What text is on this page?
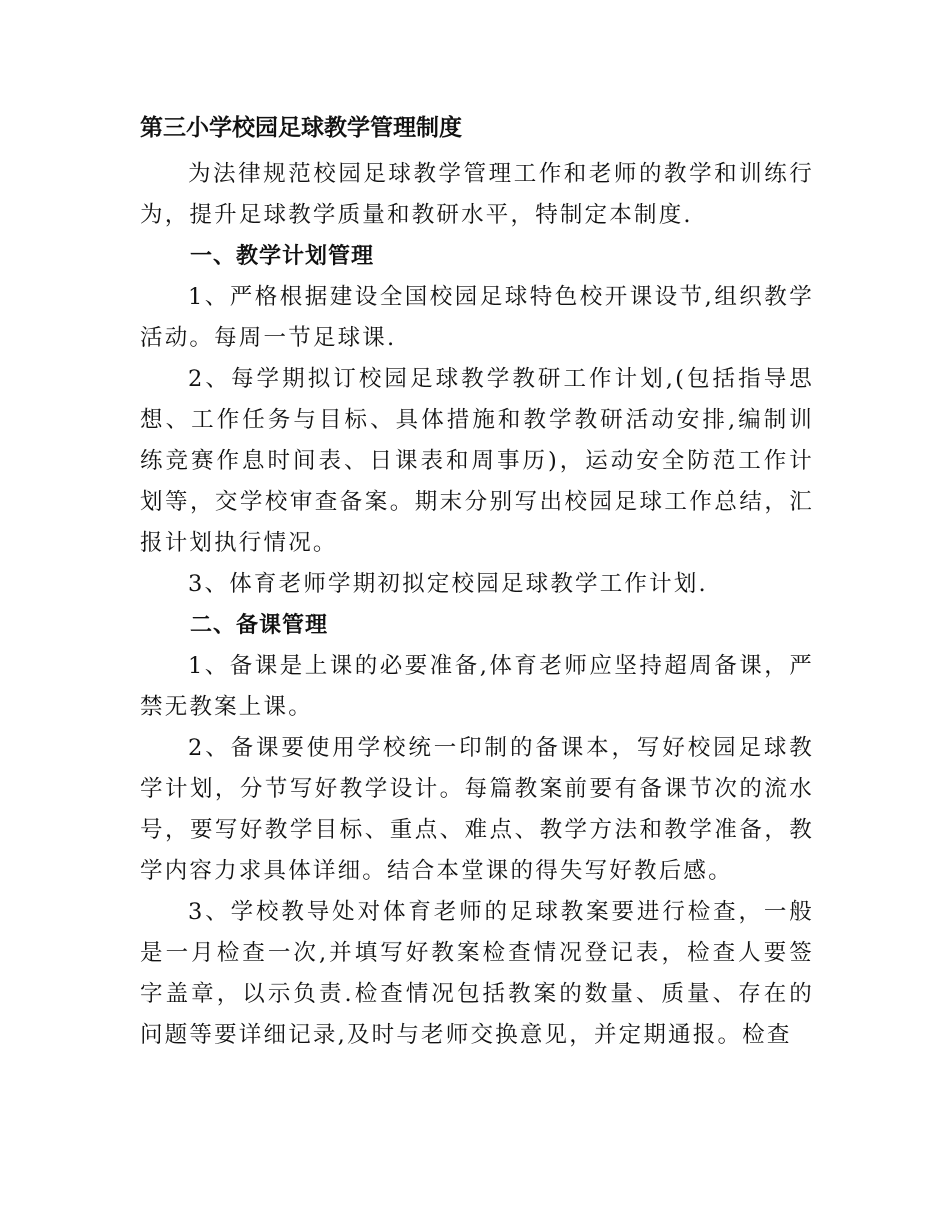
第三小学校园足球教学管理制度

为法律规范校园足球教学管理工作和老师的教学和训练行为，提升足球教学质量和教研水平，特制定本制度.

一、教学计划管理

1、严格根据建设全国校园足球特色校开课设节,组织教学活动。每周一节足球课.

2、每学期拟订校园足球教学教研工作计划,(包括指导思想、工作任务与目标、具体措施和教学教研活动安排,编制训练竞赛作息时间表、日课表和周事历)，运动安全防范工作计划等，交学校审查备案。期末分别写出校园足球工作总结，汇报计划执行情况。

3、体育老师学期初拟定校园足球教学工作计划.

二、备课管理

1、备课是上课的必要准备,体育老师应坚持超周备课，严禁无教案上课。

2、备课要使用学校统一印制的备课本，写好校园足球教学计划，分节写好教学设计。每篇教案前要有备课节次的流水号，要写好教学目标、重点、难点、教学方法和教学准备，教学内容力求具体详细。结合本堂课的得失写好教后感。

3、学校教导处对体育老师的足球教案要进行检查，一般是一月检查一次,并填写好教案检查情况登记表，检查人要签字盖章，以示负责.检查情况包括教案的数量、质量、存在的问题等要详细记录,及时与老师交换意见，并定期通报。检查
